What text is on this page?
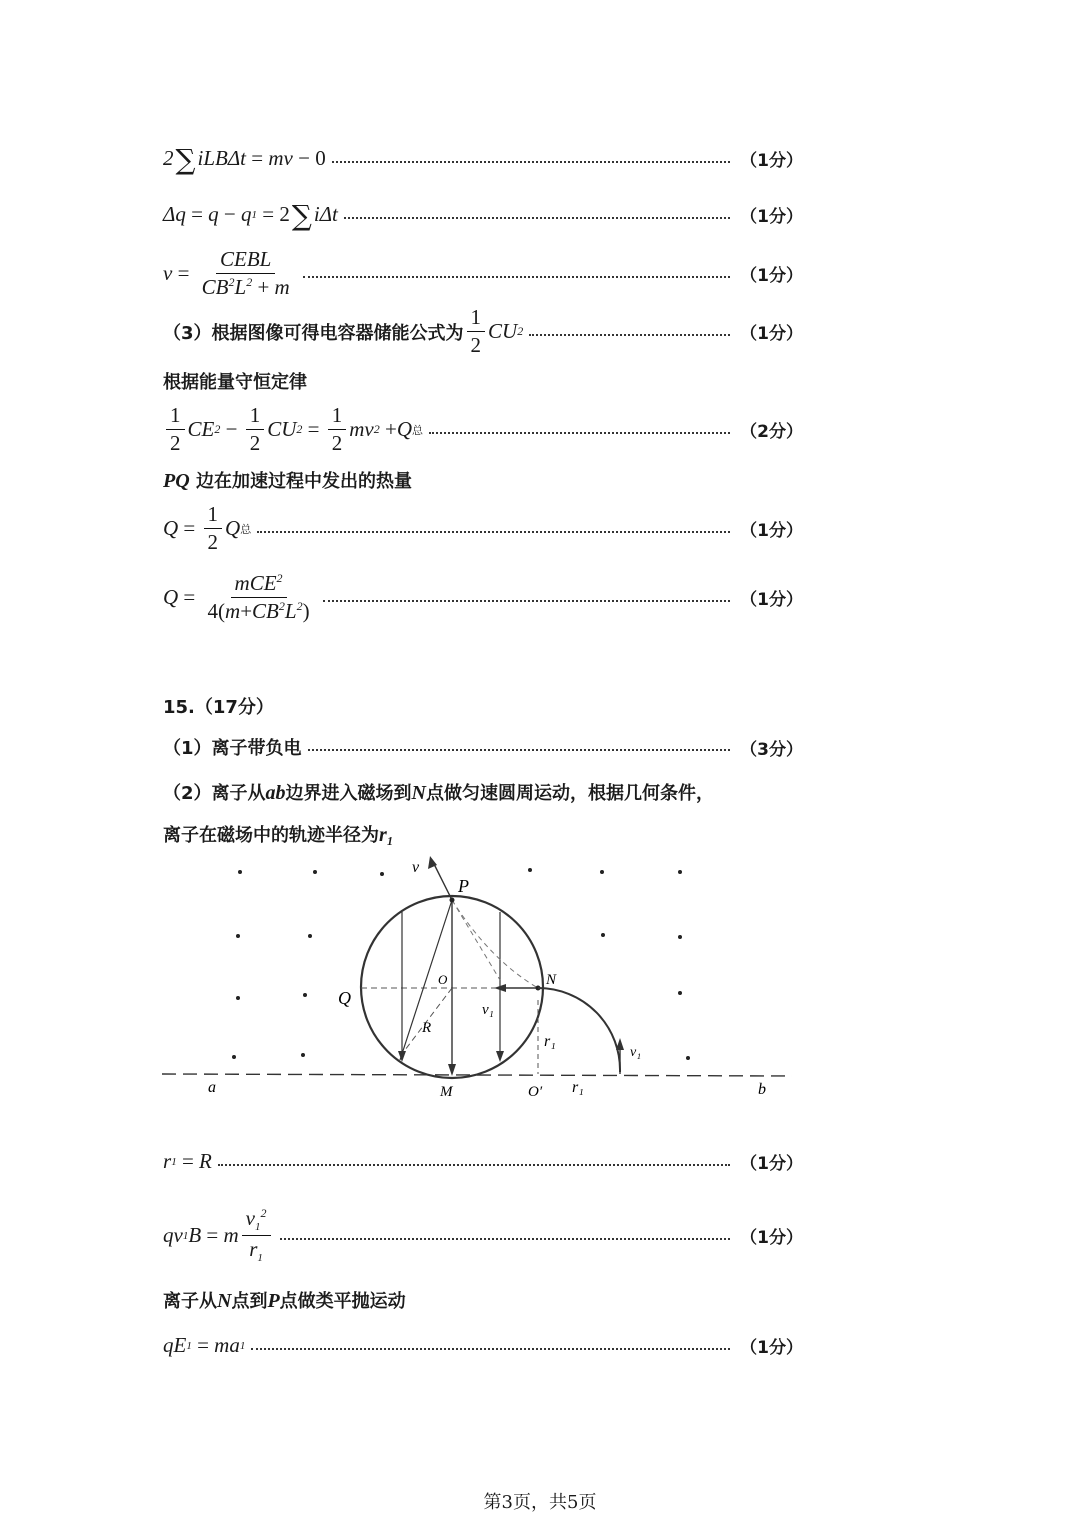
2 ∑ iLBΔt = mv − 0	（1分）
Δq = q − q 1 = 2 ∑ iΔt	（1分）
$v = \frac{\text{CEBL}}{CB^2L^2 + m}$	（1分）
（3）根据图像可得电容器储能公式为 $\frac{1}{2}$ CU 2	（1分）
根据能量守恒定律
$\frac{1}{2}$ CE $2 - \frac{1}{2}$ CU $2 = \frac{1}{2}$ mv 2 + Q 总	（2分）
PQ 边在加速过程中发出的热量
$Q = \frac{1}{2}$ Q 总	（1分）
$Q = \frac{mCE^2}{4(m+CB^2L^2)}$	（1分）
15.（17分）
（1）离子带负电	（3分）
（2）离子从ab边界进入磁场到N点做匀速圆周运动，根据几何条件，
离子在磁场中的轨迹半径为r₁
v
P
O
Q
N
v₁
R
r₁
v₁
a	M	O′ r₁	b
r 1 = R	（1分）
qv 1 B = m $\frac{v_1^2}{r_1}$	（1分）
离子从N点到P点做类平抛运动
qE 1 = ma 1	（1分）
第3页，共5页
